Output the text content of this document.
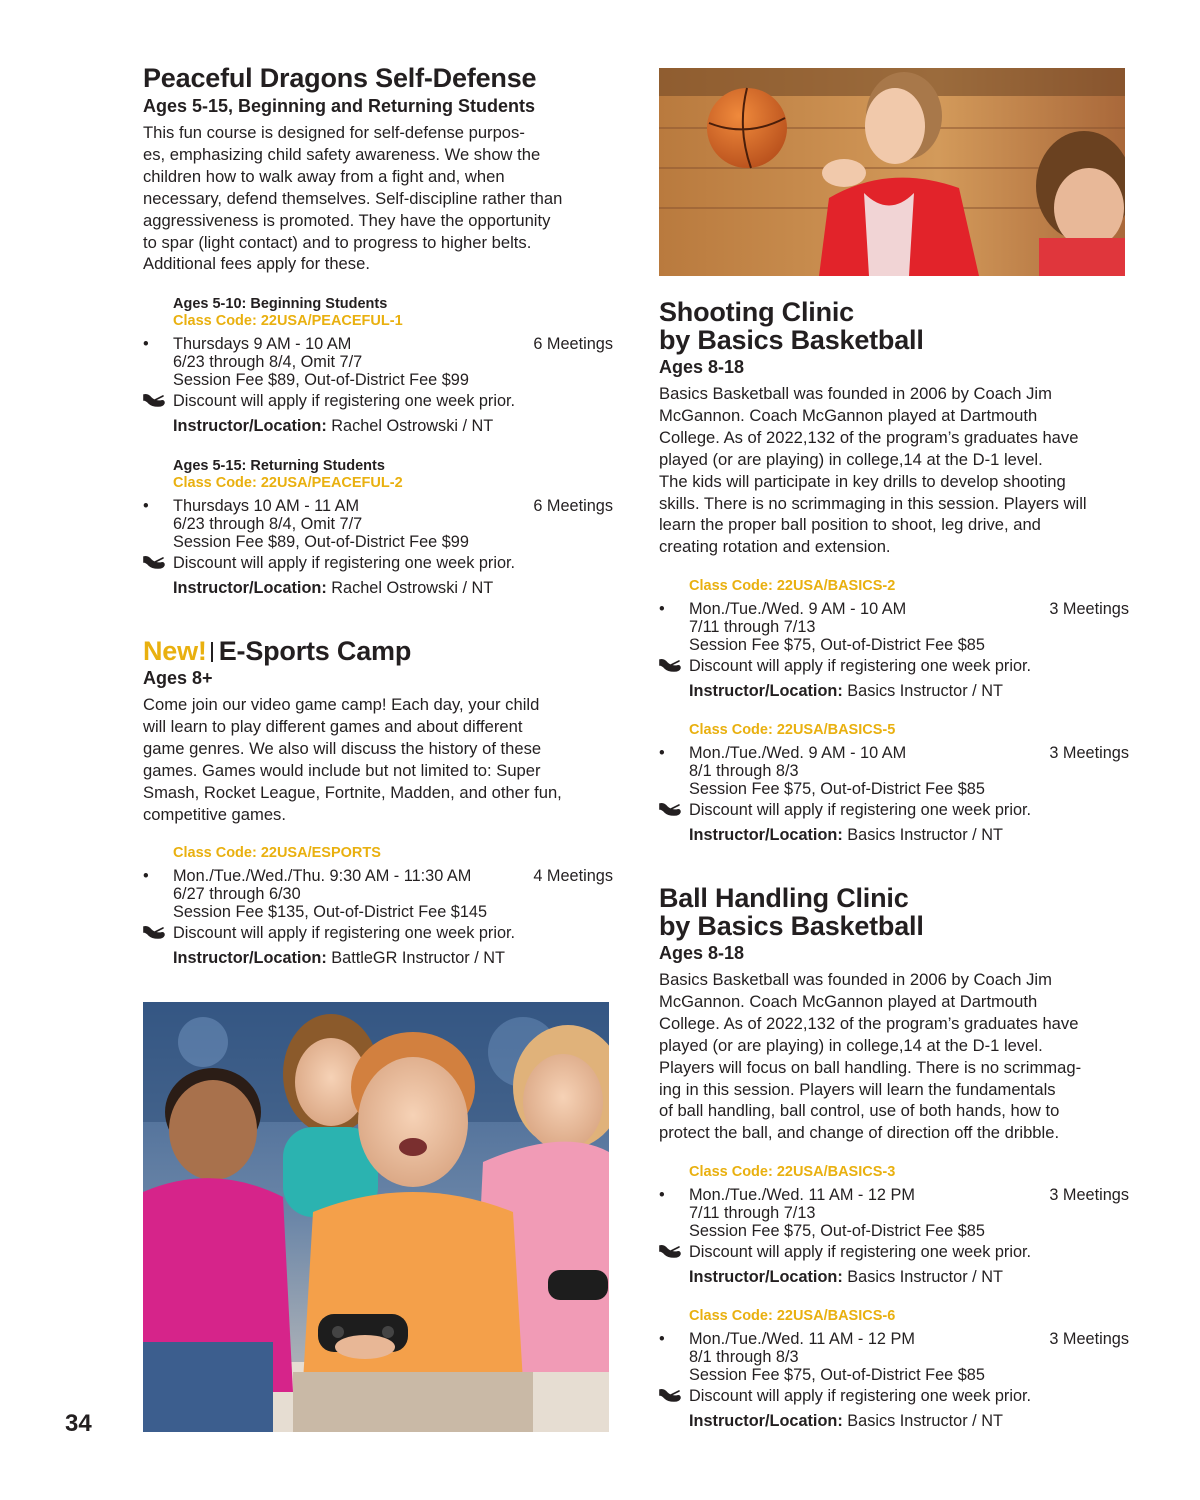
Peaceful Dragons Self-Defense
Ages 5-15, Beginning and Returning Students
This fun course is designed for self-defense purpos-
es, emphasizing child safety awareness. We show the
children how to walk away from a fight and, when
necessary, defend themselves. Self-discipline rather than
aggressiveness is promoted. They have the opportunity
to spar (light contact) and to progress to higher belts.
Additional fees apply for these.
Ages 5-10: Beginning Students
Class Code: 22USA/PEACEFUL-1
•	Thursdays 9 AM - 10 AM	6 Meetings
6/23 through 8/4, Omit 7/7
Session Fee $89, Out-of-District Fee $99
Discount will apply if registering one week prior.
Instructor/Location: Rachel Ostrowski / NT
Ages 5-15: Returning Students
Class Code: 22USA/PEACEFUL-2
•	Thursdays 10 AM - 11 AM	6 Meetings
6/23 through 8/4, Omit 7/7
Session Fee $89, Out-of-District Fee $99
Discount will apply if registering one week prior.
Instructor/Location: Rachel Ostrowski / NT
New! E-Sports Camp
Ages 8+
Come join our video game camp! Each day, your child
will learn to play different games and about different
game genres. We also will discuss the history of these
games. Games would include but not limited to: Super
Smash, Rocket League, Fortnite, Madden, and other fun,
competitive games.
Class Code: 22USA/ESPORTS
•	Mon./Tue./Wed./Thu. 9:30 AM - 11:30 AM	4 Meetings
6/27 through 6/30
Session Fee $135, Out-of-District Fee $145
Discount will apply if registering one week prior.
Instructor/Location: BattleGR Instructor / NT
Shooting Clinic
by Basics Basketball
Ages 8-18
Basics Basketball was founded in 2006 by Coach Jim
McGannon. Coach McGannon played at Dartmouth
College. As of 2022,132 of the program’s graduates have
played (or are playing) in college,14 at the D-1 level.
The kids will participate in key drills to develop shooting
skills. There is no scrimmaging in this session. Players will
learn the proper ball position to shoot, leg drive, and
creating rotation and extension.
Class Code: 22USA/BASICS-2
•	Mon./Tue./Wed. 9 AM - 10 AM	3 Meetings
7/11 through 7/13
Session Fee $75, Out-of-District Fee $85
Discount will apply if registering one week prior.
Instructor/Location: Basics Instructor / NT
Class Code: 22USA/BASICS-5
•	Mon./Tue./Wed. 9 AM - 10 AM	3 Meetings
8/1 through 8/3
Session Fee $75, Out-of-District Fee $85
Discount will apply if registering one week prior.
Instructor/Location: Basics Instructor / NT
Ball Handling Clinic
by Basics Basketball
Ages 8-18
Basics Basketball was founded in 2006 by Coach Jim
McGannon. Coach McGannon played at Dartmouth
College. As of 2022,132 of the program’s graduates have
played (or are playing) in college,14 at the D-1 level.
Players will focus on ball handling. There is no scrimmag-
ing in this session. Players will learn the fundamentals
of ball handling, ball control, use of both hands, how to
protect the ball, and change of direction off the dribble.
Class Code: 22USA/BASICS-3
•	Mon./Tue./Wed. 11 AM - 12 PM	3 Meetings
7/11 through 7/13
Session Fee $75, Out-of-District Fee $85
Discount will apply if registering one week prior.
Instructor/Location: Basics Instructor / NT
Class Code: 22USA/BASICS-6
•	Mon./Tue./Wed. 11 AM - 12 PM	3 Meetings
8/1 through 8/3
Session Fee $75, Out-of-District Fee $85
Discount will apply if registering one week prior.
Instructor/Location: Basics Instructor / NT
34
